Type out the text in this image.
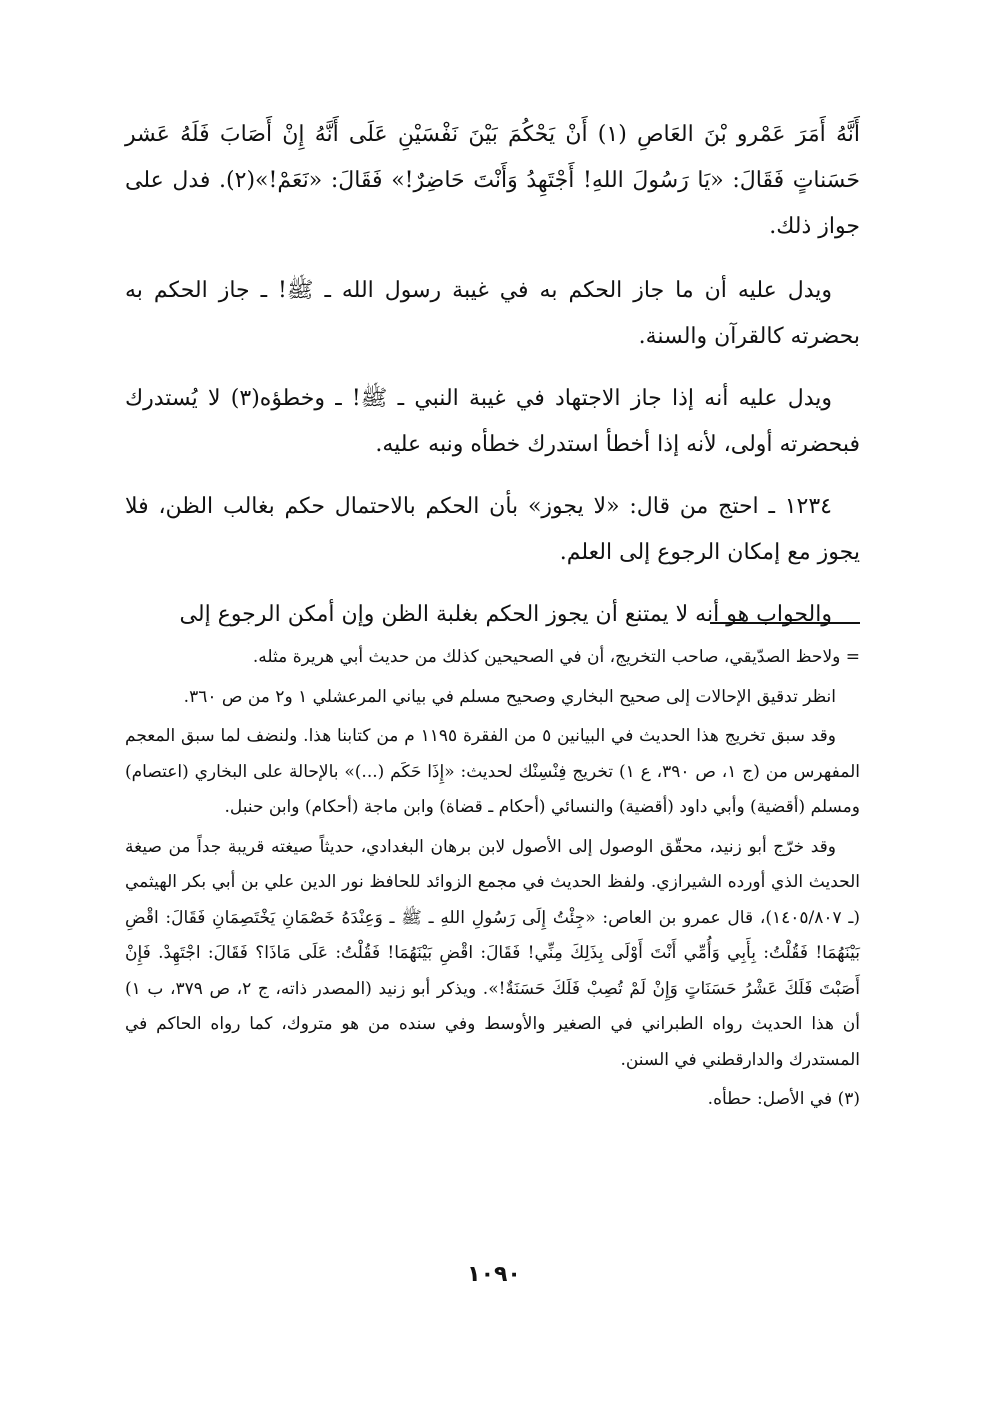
أَنَّهُ أَمَرَ عَمْرو بْنَ العَاصِ (١) أَنْ يَحْكُمَ بَيْنَ نَفْسَيْنِ عَلَى أَنَّهُ إِنْ أَصَابَ فَلَهُ عَشر حَسَناتٍ فَقَالَ: «يَا رَسُولَ اللهِ! أَجْتَهِدُ وَأَنْتَ حَاضِرٌ!» فَقَالَ: «نَعَمْ!»(٢). فدل على جواز ذلك.

ويدل عليه أن ما جاز الحكم به في غيبة رسول الله ـ ﷺ! ـ جاز الحكم به بحضرته كالقرآن والسنة.

ويدل عليه أنه إذا جاز الاجتهاد في غيبة النبي ـ ﷺ! ـ وخطؤه(٣) لا يُستدرك فبحضرته أولى، لأنه إذا أخطأ استدرك خطأه ونبه عليه.

١٢٣٤ ـ احتج من قال: «لا يجوز» بأن الحكم بالاحتمال حكم بغالب الظن، فلا يجوز مع إمكان الرجوع إلى العلم.

والجواب هو أنه لا يمتنع أن يجوز الحكم بغلبة الظن وإن أمكن الرجوع إلى

= ولاحظ الصدّيقي، صاحب التخريج، أن في الصحيحين كذلك من حديث أبي هريرة مثله.

انظر تدقيق الإحالات إلى صحيح البخاري وصحيح مسلم في بياني المرعشلي ١ و٢ من ص ٣٦٠.

وقد سبق تخريج هذا الحديث في البيانين ٥ من الفقرة ١١٩٥ م من كتابنا هذا. ولنضف لما سبق المعجم المفهرس من (ج ١، ص ٣٩٠، ع ١) تخريج فِنْسِنْك لحديث: «إِذَا حَكَم (...)» بالإحالة على البخاري (اعتصام) ومسلم (أقضية) وأبي داود (أقضية) والنسائي (أحكام ـ قضاة) وابن ماجة (أحكام) وابن حنبل.

وقد خرّج أبو زنيد، محقّق الوصول إلى الأصول لابن برهان البغدادي، حديثاً صيغته قريبة جداً من صيغة الحديث الذي أورده الشيرازي. ولفظ الحديث في مجمع الزوائد للحافظ نور الدين علي بن أبي بكر الهيثمي (ـ ١٤٠٥/٨٠٧)، قال عمرو بن العاص: «جِئْتُ إِلَى رَسُولِ اللهِ ـ ﷺ ـ وَعِنْدَهُ خَصْمَانِ يَخْتَصِمَانِ فَقَالَ: اقْضِ بَيْنَهُمَا! فَقُلْتُ: بِأَبِي وَأُمِّي أَنْتَ أَوْلَى بِذَلِكَ مِنِّي! فَقَالَ: اقْضِ بَيْنَهُمَا! فَقُلْتُ: عَلَى مَاذَا؟ فَقَالَ: اجْتَهِدْ. فَإِنْ أَصَبْتَ فَلَكَ عَشْرُ حَسَنَاتٍ وَإِنْ لَمْ تُصِبْ فَلَكَ حَسَنَةٌ!». ويذكر أبو زنيد (المصدر ذاته، ج ٢، ص ٣٧٩، ب ١) أن هذا الحديث رواه الطبراني في الصغير والأوسط وفي سنده من هو متروك، كما رواه الحاكم في المستدرك والدارقطني في السنن.

(٣) في الأصل: حطأه.

١٠٩٠
